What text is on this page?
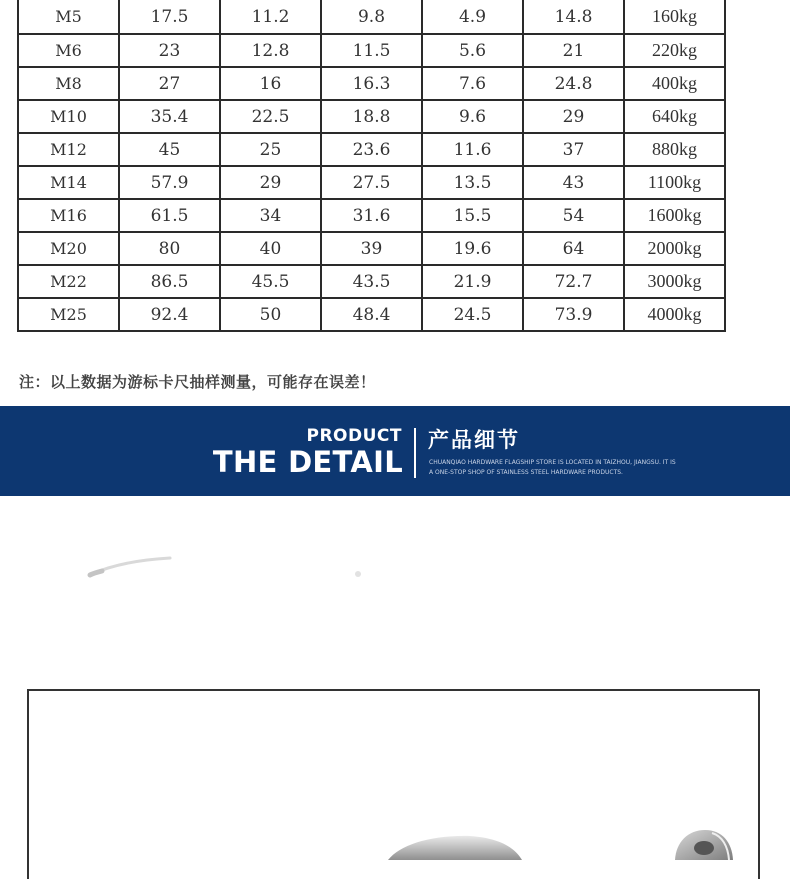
M5	17.5	11.2	9.8	4.9	14.8	160kg
M6	23	12.8	11.5	5.6	21	220kg
M8	27	16	16.3	7.6	24.8	400kg
M10	35.4	22.5	18.8	9.6	29	640kg
M12	45	25	23.6	11.6	37	880kg
M14	57.9	29	27.5	13.5	43	1100kg
M16	61.5	34	31.6	15.5	54	1600kg
M20	80	40	39	19.6	64	2000kg
M22	86.5	45.5	43.5	21.9	72.7	3000kg
M25	92.4	50	48.4	24.5	73.9	4000kg
注：以上数据为游标卡尺抽样测量，可能存在误差！
PRODUCT
THE DETAIL
产品细节
CHUANQIAO HARDWARE FLAGSHIP STORE IS LOCATED IN TAIZHOU, JIANGSU. IT IS
A ONE-STOP SHOP OF STAINLESS STEEL HARDWARE PRODUCTS.
